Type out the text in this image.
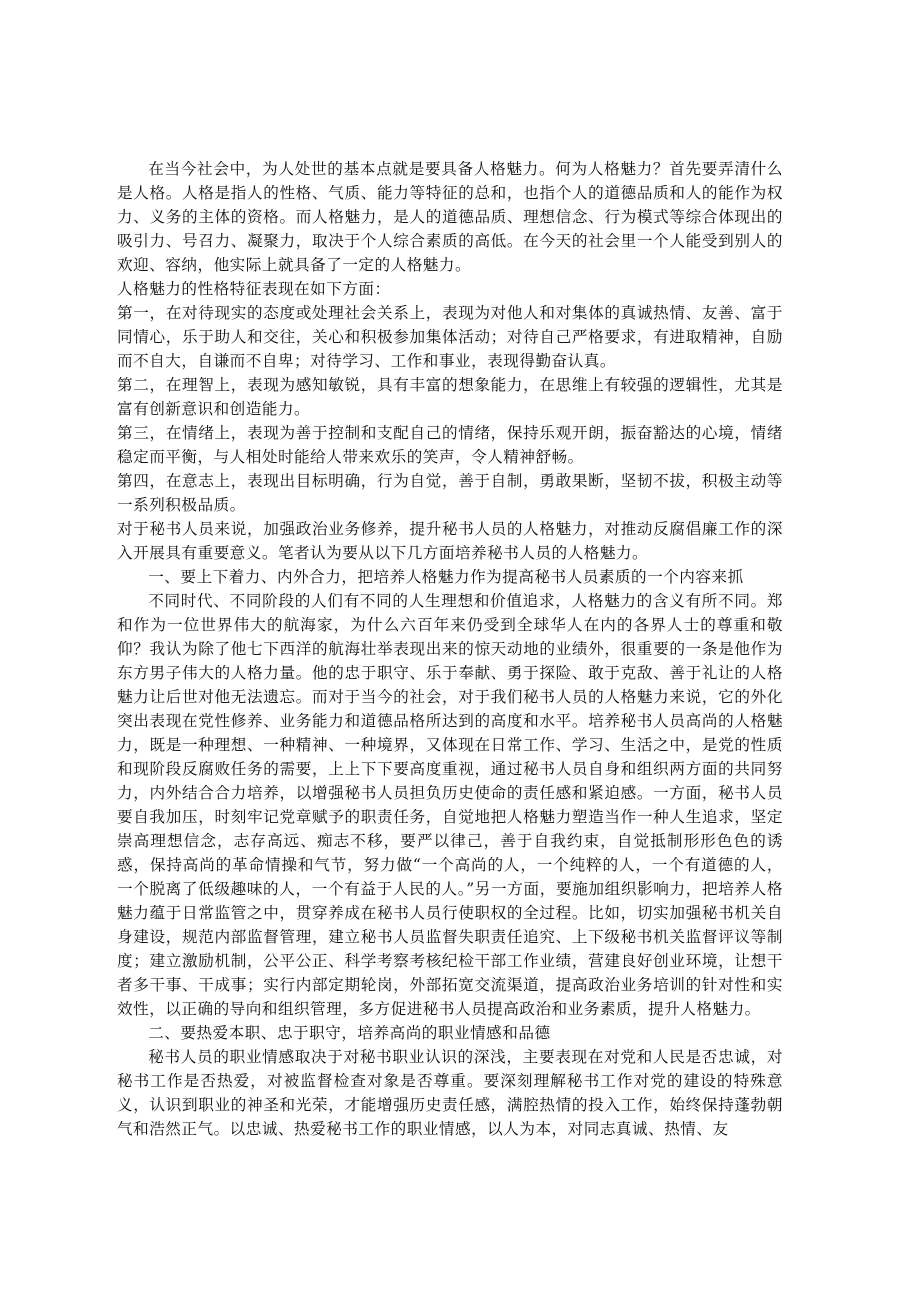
在当今社会中，为人处世的基本点就是要具备人格魅力。何为人格魅力？首先要弄清什么是人格。人格是指人的性格、气质、能力等特征的总和，也指个人的道德品质和人的能作为权力、义务的主体的资格。而人格魅力，是人的道德品质、理想信念、行为模式等综合体现出的吸引力、号召力、凝聚力，取决于个人综合素质的高低。在今天的社会里一个人能受到别人的欢迎、容纳，他实际上就具备了一定的人格魅力。

人格魅力的性格特征表现在如下方面：

第一，在对待现实的态度或处理社会关系上，表现为对他人和对集体的真诚热情、友善、富于同情心，乐于助人和交往，关心和积极参加集体活动；对待自己严格要求，有进取精神，自励而不自大，自谦而不自卑；对待学习、工作和事业，表现得勤奋认真。

第二，在理智上，表现为感知敏锐，具有丰富的想象能力，在思维上有较强的逻辑性，尤其是富有创新意识和创造能力。

第三，在情绪上，表现为善于控制和支配自己的情绪，保持乐观开朗，振奋豁达的心境，情绪稳定而平衡，与人相处时能给人带来欢乐的笑声，令人精神舒畅。

第四，在意志上，表现出目标明确，行为自觉，善于自制，勇敢果断，坚韧不拔，积极主动等一系列积极品质。

对于秘书人员来说，加强政治业务修养，提升秘书人员的人格魅力，对推动反腐倡廉工作的深入开展具有重要意义。笔者认为要从以下几方面培养秘书人员的人格魅力。

一、要上下着力、内外合力，把培养人格魅力作为提高秘书人员素质的一个内容来抓

不同时代、不同阶段的人们有不同的人生理想和价值追求，人格魅力的含义有所不同。郑和作为一位世界伟大的航海家，为什么六百年来仍受到全球华人在内的各界人士的尊重和敬仰？我认为除了他七下西洋的航海壮举表现出来的惊天动地的业绩外，很重要的一条是他作为东方男子伟大的人格力量。他的忠于职守、乐于奉献、勇于探险、敢于克敌、善于礼让的人格魅力让后世对他无法遗忘。而对于当今的社会，对于我们秘书人员的人格魅力来说，它的外化突出表现在党性修养、业务能力和道德品格所达到的高度和水平。培养秘书人员高尚的人格魅力，既是一种理想、一种精神、一种境界，又体现在日常工作、学习、生活之中，是党的性质和现阶段反腐败任务的需要，上上下下要高度重视，通过秘书人员自身和组织两方面的共同努力，内外结合合力培养，以增强秘书人员担负历史使命的责任感和紧迫感。一方面，秘书人员要自我加压，时刻牢记党章赋予的职责任务，自觉地把人格魅力塑造当作一种人生追求，坚定崇高理想信念，志存高远、痴志不移，要严以律己，善于自我约束，自觉抵制形形色色的诱惑，保持高尚的革命情操和气节，努力做“一个高尚的人，一个纯粹的人，一个有道德的人，一个脱离了低级趣味的人，一个有益于人民的人。”另一方面，要施加组织影响力，把培养人格魅力蕴于日常监管之中，贯穿养成在秘书人员行使职权的全过程。比如，切实加强秘书机关自身建设，规范内部监督管理，建立秘书人员监督失职责任追究、上下级秘书机关监督评议等制度；建立激励机制，公平公正、科学考察考核纪检干部工作业绩，营建良好创业环境，让想干者多干事、干成事；实行内部定期轮岗，外部拓宽交流渠道，提高政治业务培训的针对性和实效性，以正确的导向和组织管理，多方促进秘书人员提高政治和业务素质，提升人格魅力。

二、要热爱本职、忠于职守，培养高尚的职业情感和品德

秘书人员的职业情感取决于对秘书职业认识的深浅，主要表现在对党和人民是否忠诚，对秘书工作是否热爱，对被监督检查对象是否尊重。要深刻理解秘书工作对党的建设的特殊意义，认识到职业的神圣和光荣，才能增强历史责任感，满腔热情的投入工作，始终保持蓬勃朝气和浩然正气。以忠诚、热爱秘书工作的职业情感，以人为本，对同志真诚、热情、友
